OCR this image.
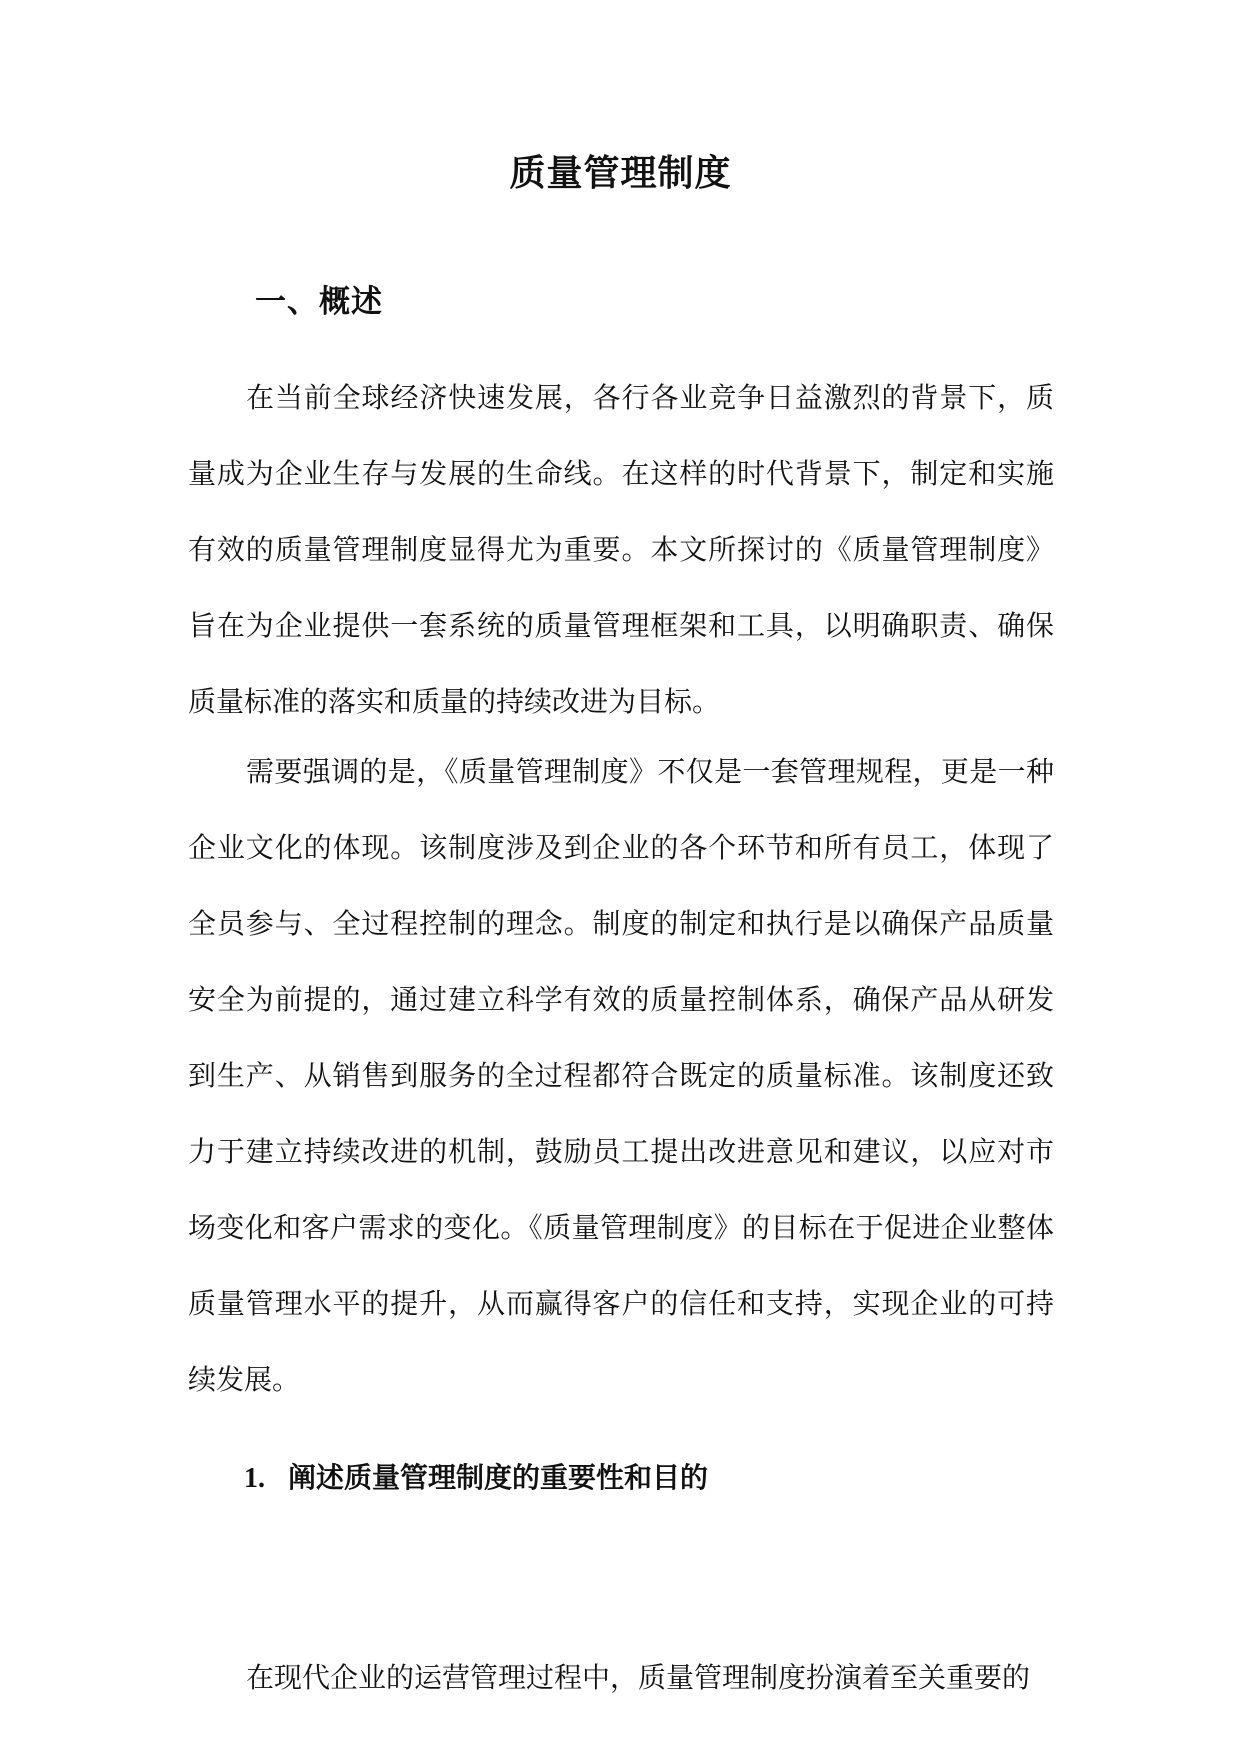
质量管理制度
一、概述

在当前全球经济快速发展，各行各业竞争日益激烈的背景下，质量成为企业生存与发展的生命线。在这样的时代背景下，制定和实施有效的质量管理制度显得尤为重要。本文所探讨的《质量管理制度》旨在为企业提供一套系统的质量管理框架和工具，以明确职责、确保质量标准的落实和质量的持续改进为目标。

需要强调的是，《质量管理制度》不仅是一套管理规程，更是一种企业文化的体现。该制度涉及到企业的各个环节和所有员工，体现了全员参与、全过程控制的理念。制度的制定和执行是以确保产品质量安全为前提的，通过建立科学有效的质量控制体系，确保产品从研发到生产、从销售到服务的全过程都符合既定的质量标准。该制度还致力于建立持续改进的机制，鼓励员工提出改进意见和建议，以应对市场变化和客户需求的变化。《质量管理制度》的目标在于促进企业整体质量管理水平的提升，从而赢得客户的信任和支持，实现企业的可持续发展。

1. 阐述质量管理制度的重要性和目的

在现代企业的运营管理过程中，质量管理制度扮演着至关重要的
